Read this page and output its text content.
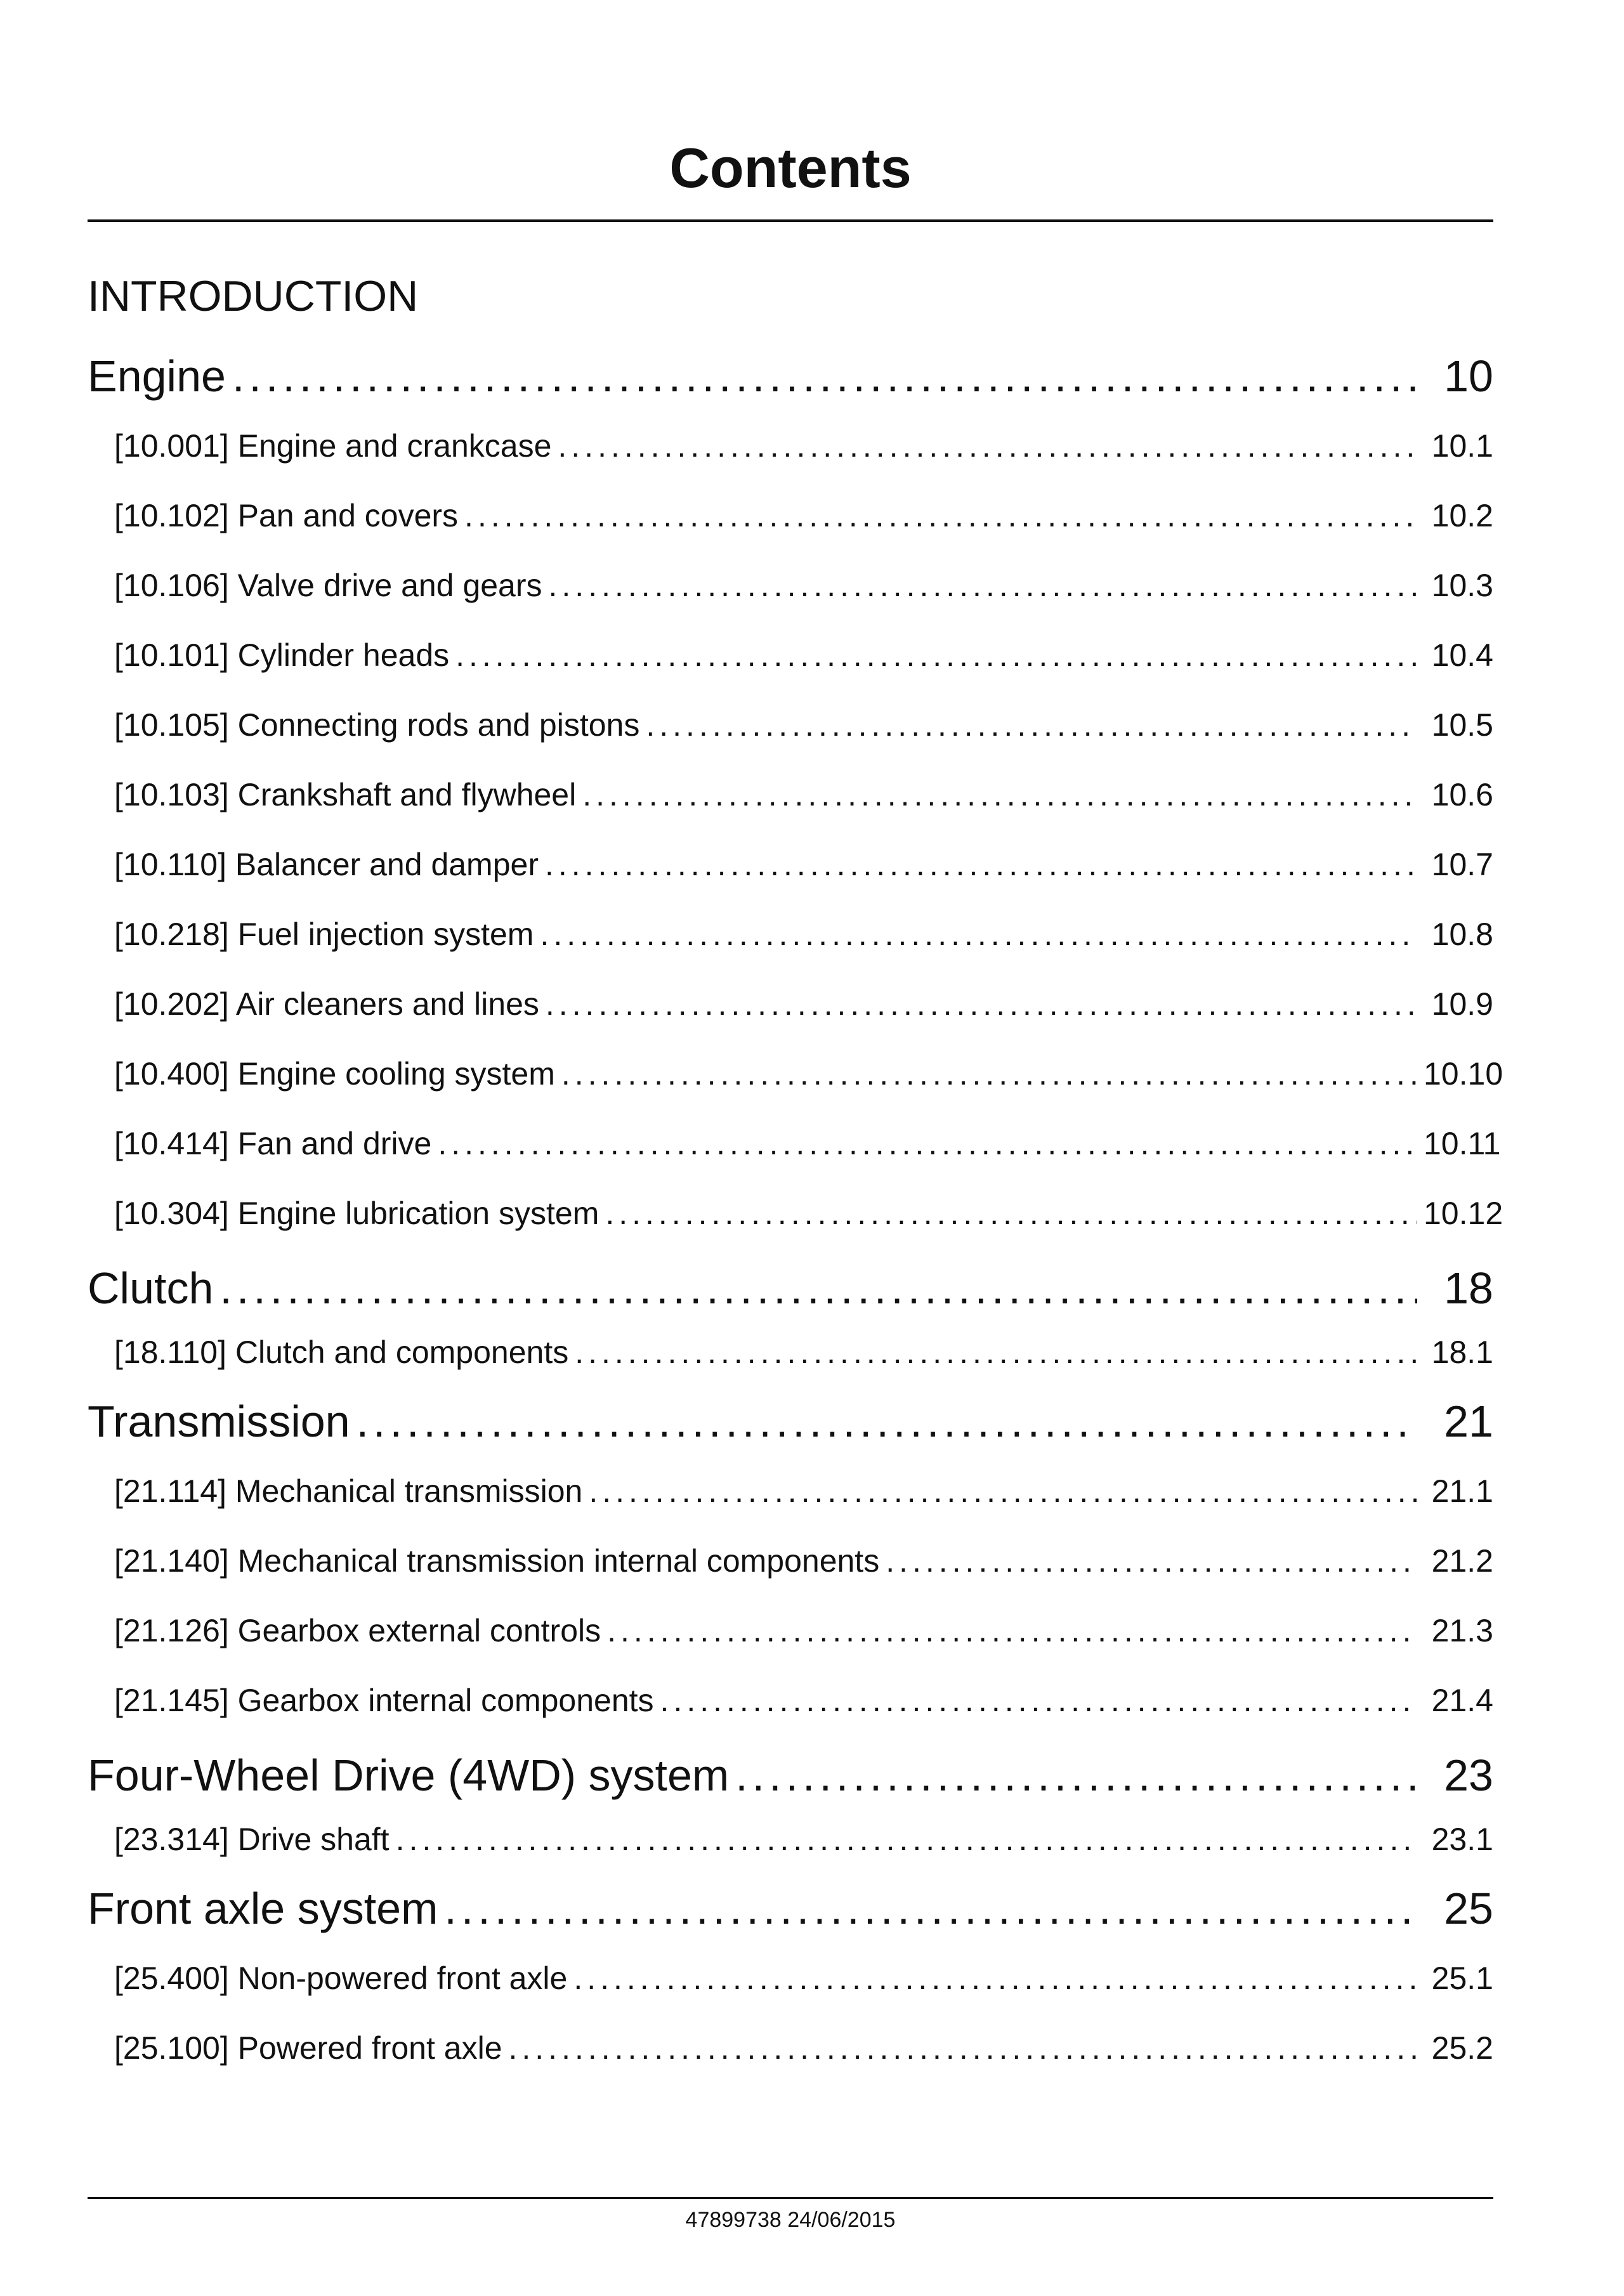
Contents
INTRODUCTION
Engine .....	10
[10.001] Engine and crankcase .....	10.1
[10.102] Pan and covers .....	10.2
[10.106] Valve drive and gears .....	10.3
[10.101] Cylinder heads .....	10.4
[10.105] Connecting rods and pistons .....	10.5
[10.103] Crankshaft and flywheel .....	10.6
[10.110] Balancer and damper .....	10.7
[10.218] Fuel injection system .....	10.8
[10.202] Air cleaners and lines .....	10.9
[10.400] Engine cooling system .....	10.10
[10.414] Fan and drive .....	10.11
[10.304] Engine lubrication system .....	10.12
Clutch .....	18
[18.110] Clutch and components .....	18.1
Transmission .....	21
[21.114] Mechanical transmission .....	21.1
[21.140] Mechanical transmission internal components .....	21.2
[21.126] Gearbox external controls .....	21.3
[21.145] Gearbox internal components .....	21.4
Four-Wheel Drive (4WD) system .....	23
[23.314] Drive shaft .....	23.1
Front axle system .....	25
[25.400] Non-powered front axle .....	25.1
[25.100] Powered front axle .....	25.2
47899738 24/06/2015
